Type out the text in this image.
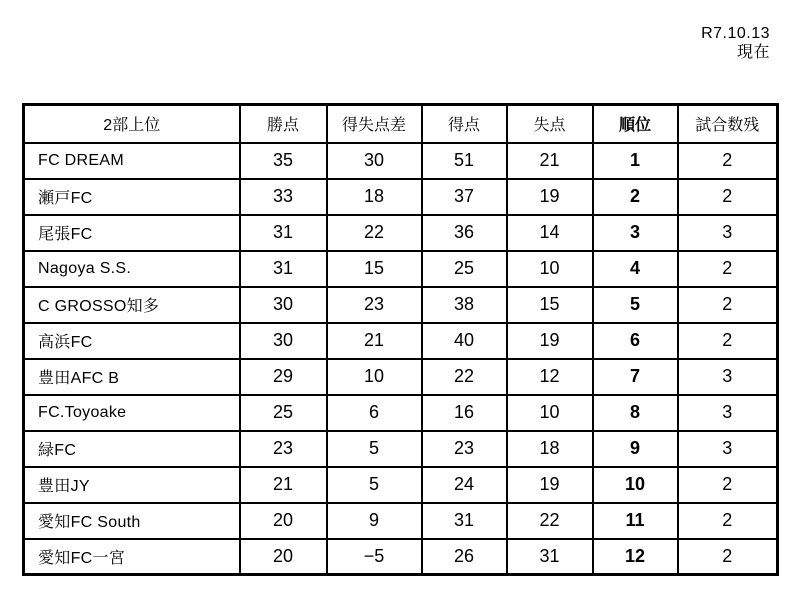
R7.10.13
現在
2部上位	勝点	得失点差	得点	失点	順位	試合数残
FC DREAM	35	30	51	21	1	2
瀬戸FC	33	18	37	19	2	2
尾張FC	31	22	36	14	3	3
Nagoya S.S.	31	15	25	10	4	2
C GROSSO知多	30	23	38	15	5	2
高浜FC	30	21	40	19	6	2
豊田AFC B	29	10	22	12	7	3
FC.Toyoake	25	6	16	10	8	3
緑FC	23	5	23	18	9	3
豊田JY	21	5	24	19	10	2
愛知FC South	20	9	31	22	11	2
愛知FC一宮	20	−5	26	31	12	2
